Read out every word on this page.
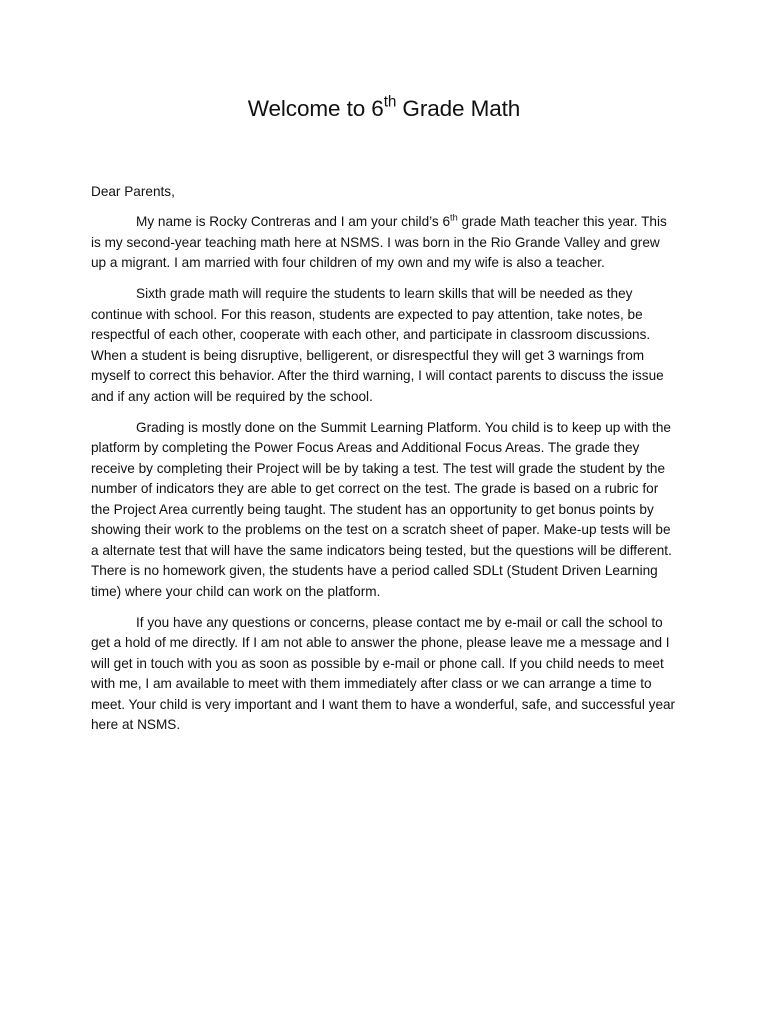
Welcome to 6th Grade Math
Dear Parents,

My name is Rocky Contreras and I am your child’s 6th grade Math teacher this year. This is my second-year teaching math here at NSMS. I was born in the Rio Grande Valley and grew up a migrant. I am married with four children of my own and my wife is also a teacher.

Sixth grade math will require the students to learn skills that will be needed as they continue with school. For this reason, students are expected to pay attention, take notes, be respectful of each other, cooperate with each other, and participate in classroom discussions. When a student is being disruptive, belligerent, or disrespectful they will get 3 warnings from myself to correct this behavior. After the third warning, I will contact parents to discuss the issue and if any action will be required by the school.

Grading is mostly done on the Summit Learning Platform. You child is to keep up with the platform by completing the Power Focus Areas and Additional Focus Areas. The grade they receive by completing their Project will be by taking a test. The test will grade the student by the number of indicators they are able to get correct on the test. The grade is based on a rubric for the Project Area currently being taught. The student has an opportunity to get bonus points by showing their work to the problems on the test on a scratch sheet of paper. Make-up tests will be a alternate test that will have the same indicators being tested, but the questions will be different. There is no homework given, the students have a period called SDLt (Student Driven Learning time) where your child can work on the platform.

If you have any questions or concerns, please contact me by e-mail or call the school to get a hold of me directly. If I am not able to answer the phone, please leave me a message and I will get in touch with you as soon as possible by e-mail or phone call. If you child needs to meet with me, I am available to meet with them immediately after class or we can arrange a time to meet. Your child is very important and I want them to have a wonderful, safe, and successful year here at NSMS.
